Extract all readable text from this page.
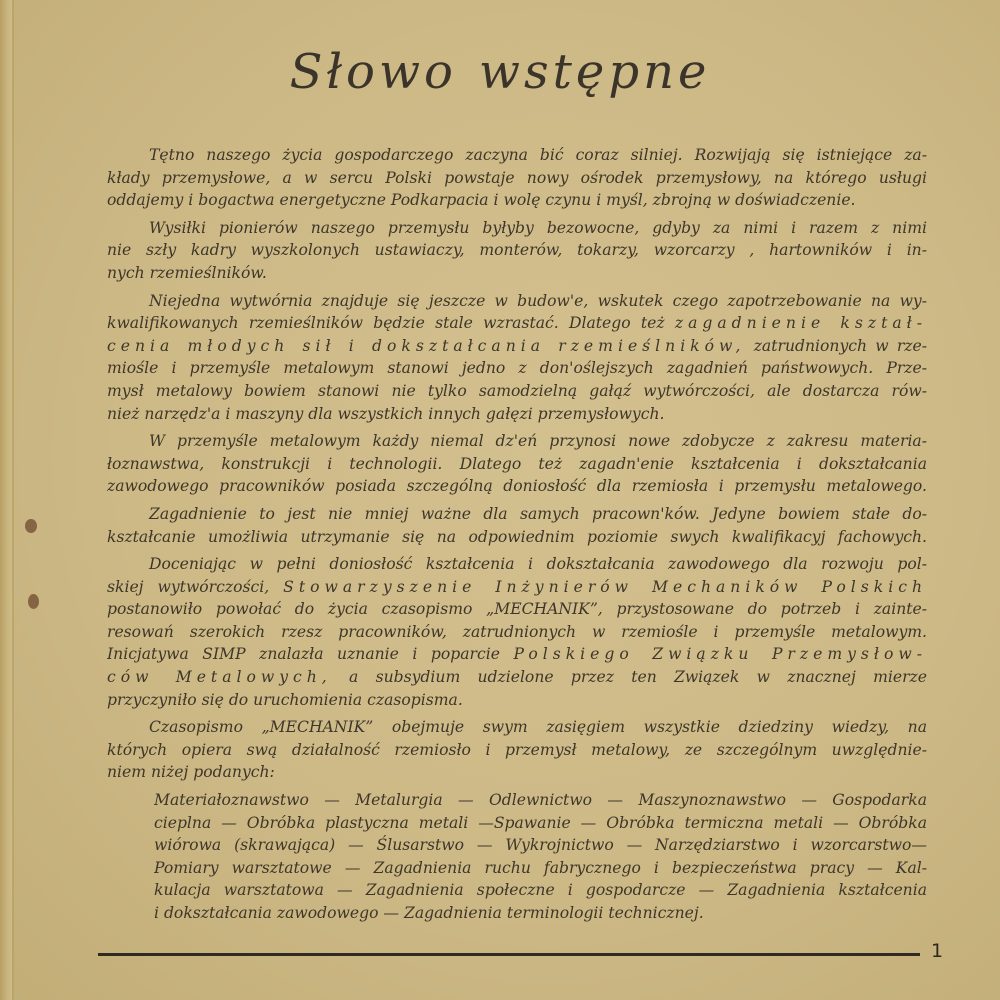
Słowo wstępne
Tętno naszego życia gospodarczego zaczyna bić coraz silniej. Rozwijają się istniejące za-
kłady przemysłowe, a w sercu Polski powstaje nowy ośrodek przemysłowy, na którego usługi
oddajemy i bogactwa energetyczne Podkarpacia i wolę czynu i myśl, zbrojną w doświadczenie.
Wysiłki pionierów naszego przemysłu byłyby bezowocne, gdyby za nimi i razem z nimi
nie szły kadry wyszkolonych ustawiaczy, monterów, tokarzy, wzorcarzy , hartowników i in-
nych rzemieślników.
Niejedna wytwórnia znajduje się jeszcze w budow'e, wskutek czego zapotrzebowanie na wy-
kwalifikowanych rzemieślników będzie stale wzrastać. Dlatego też zagadnienie kształ-
cenia młodych sił i dokształcania rzemieślników, zatrudnionych w rze-
miośle i przemyśle metalowym stanowi jedno z don'oślejszych zagadnień państwowych. Prze-
mysł metalowy bowiem stanowi nie tylko samodzielną gałąź wytwórczości, ale dostarcza rów-
nież narzędz'a i maszyny dla wszystkich innych gałęzi przemysłowych.
W przemyśle metalowym każdy niemal dz'eń przynosi nowe zdobycze z zakresu materia-
łoznawstwa, konstrukcji i technologii. Dlatego też zagadn'enie kształcenia i dokształcania
zawodowego pracowników posiada szczególną doniosłość dla rzemiosła i przemysłu metalowego.
Zagadnienie to jest nie mniej ważne dla samych pracown'ków. Jedyne bowiem stałe do-
kształcanie umożliwia utrzymanie się na odpowiednim poziomie swych kwalifikacyj fachowych.
Doceniając w pełni doniosłość kształcenia i dokształcania zawodowego dla rozwoju pol-
skiej wytwórczości, Stowarzyszenie Inżynierów Mechaników Polskich
postanowiło powołać do życia czasopismo „MECHANIK”, przystosowane do potrzeb i zainte-
resowań szerokich rzesz pracowników, zatrudnionych w rzemiośle i przemyśle metalowym.
Inicjatywa SIMP znalazła uznanie i poparcie Polskiego Związku Przemysłow-
ców Metalowych, a subsydium udzielone przez ten Związek w znacznej mierze
przyczyniło się do uruchomienia czasopisma.
Czasopismo „MECHANIK” obejmuje swym zasięgiem wszystkie dziedziny wiedzy, na
których opiera swą działalność rzemiosło i przemysł metalowy, ze szczególnym uwzględnie-
niem niżej podanych:
Materiałoznawstwo — Metalurgia — Odlewnictwo — Maszynoznawstwo — Gospodarka
cieplna — Obróbka plastyczna metali —Spawanie — Obróbka termiczna metali — Obróbka
wiórowa (skrawająca) — Ślusarstwo — Wykrojnictwo — Narzędziarstwo i wzorcarstwo—
Pomiary warsztatowe — Zagadnienia ruchu fabrycznego i bezpieczeństwa pracy — Kal-
kulacja warsztatowa — Zagadnienia społeczne i gospodarcze — Zagadnienia kształcenia
i dokształcania zawodowego — Zagadnienia terminologii technicznej.
1
